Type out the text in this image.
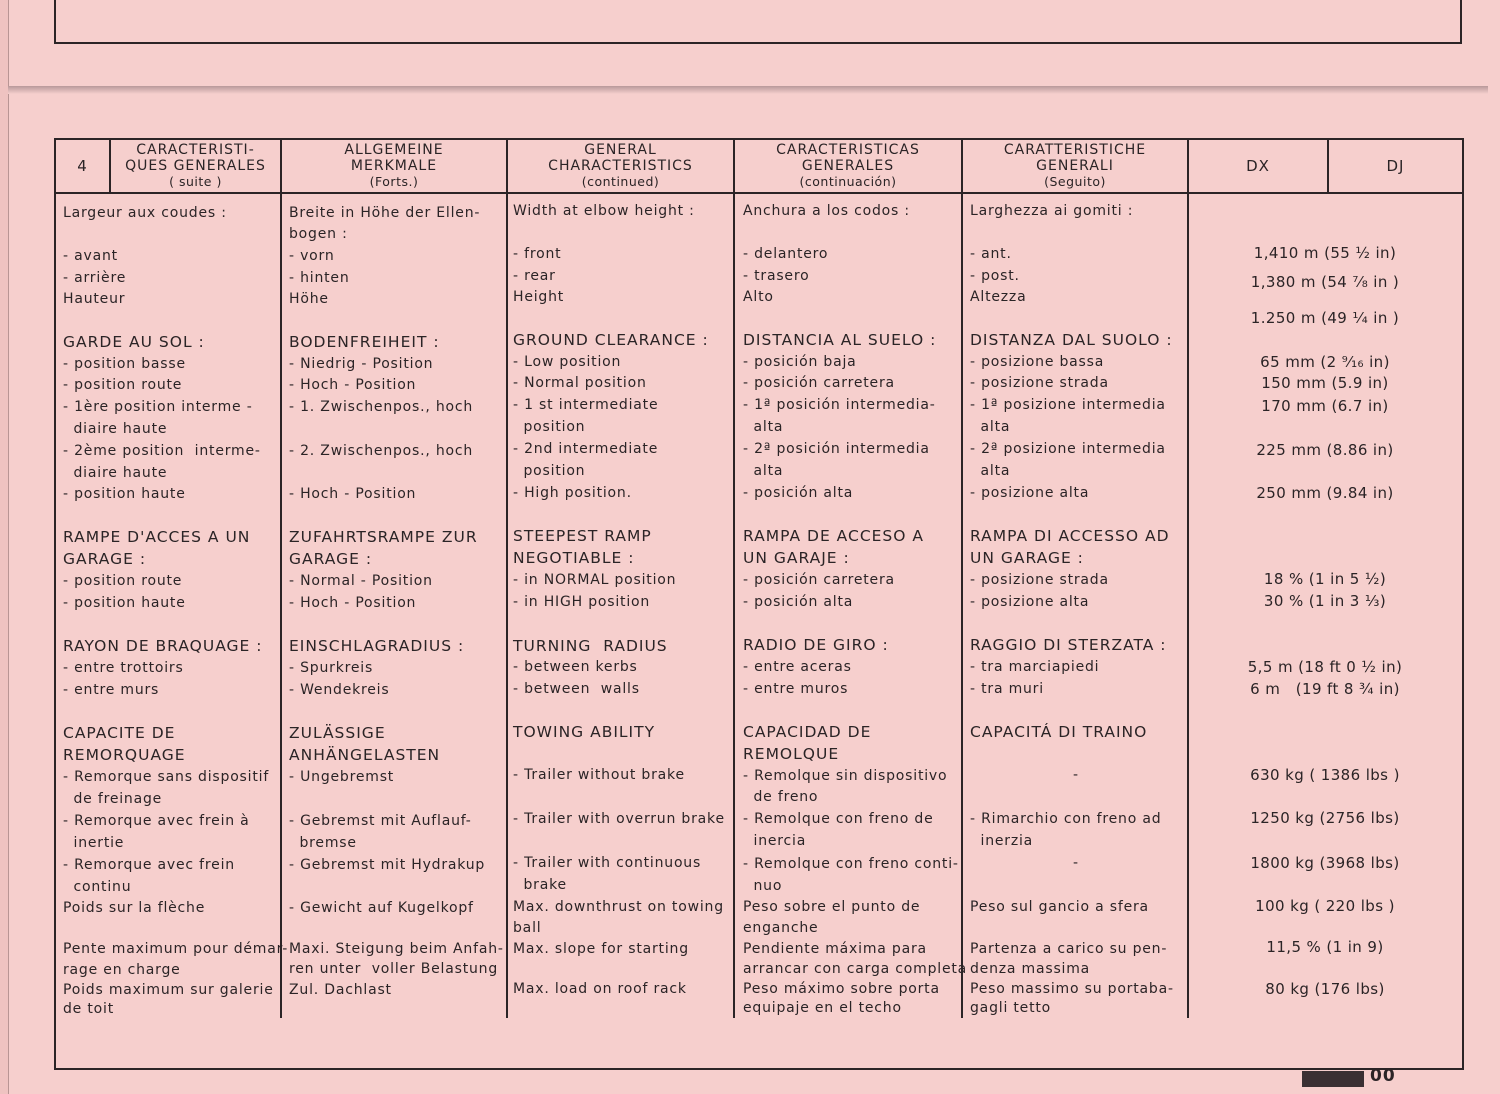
4
CARACTERISTI-
QUES GENERALES
( suite )
ALLGEMEINE
MERKMALE
(Forts.)
GENERAL
CHARACTERISTICS
(continued)
CARACTERISTICAS
GENERALES
(continuación)
CARATTERISTICHE
GENERALI
(Seguito)
DX	DJ
Largeur aux coudes :
- avant
- arrière
Hauteur
GARDE AU SOL :
- position basse
- position route
- 1ère position interme -
diaire haute
- 2ème position  interme-
diaire haute
- position haute
RAMPE D'ACCES A UN
GARAGE :
- position route
- position haute
RAYON DE BRAQUAGE :
- entre trottoirs
- entre murs
CAPACITE DE
REMORQUAGE
- Remorque sans dispositif
de freinage
- Remorque avec frein à
inertie
- Remorque avec frein
continu
Poids sur la flèche
Pente maximum pour démar-
rage en charge
Poids maximum sur galerie
de toit
Breite in Höhe der Ellen-
bogen :
- vorn
- hinten
Höhe
BODENFREIHEIT :
- Niedrig - Position
- Hoch - Position
- 1. Zwischenpos., hoch
- 2. Zwischenpos., hoch
- Hoch - Position
ZUFAHRTSRAMPE ZUR
GARAGE :
- Normal - Position
- Hoch - Position
EINSCHLAGRADIUS :
- Spurkreis
- Wendekreis
ZULÄSSIGE
ANHÄNGELASTEN
- Ungebremst
- Gebremst mit Auflauf-
bremse
- Gebremst mit Hydrakup
- Gewicht auf Kugelkopf
Maxi. Steigung beim Anfah-
ren unter  voller Belastung
Zul. Dachlast
Width at elbow height :
- front
- rear
Height
GROUND CLEARANCE :
- Low position
- Normal position
- 1 st intermediate
position
- 2nd intermediate
position
- High position.
STEEPEST RAMP
NEGOTIABLE :
- in NORMAL position
- in HIGH position
TURNING  RADIUS
- between kerbs
- between  walls
TOWING ABILITY
- Trailer without brake
- Trailer with overrun brake
- Trailer with continuous
brake
Max. downthrust on towing
ball
Max. slope for starting
Max. load on roof rack
Anchura a los codos :
- delantero
- trasero
Alto
DISTANCIA AL SUELO :
- posición baja
- posición carretera
- 1ª posición intermedia-
alta
- 2ª posición intermedia
alta
- posición alta
RAMPA DE ACCESO A
UN GARAJE :
- posición carretera
- posición alta
RADIO DE GIRO :
- entre aceras
- entre muros
CAPACIDAD DE
REMOLQUE
- Remolque sin dispositivo
de freno
- Remolque con freno de
inercia
- Remolque con freno conti-
nuo
Peso sobre el punto de
enganche
Pendiente máxima para
arrancar con carga completa
Peso máximo sobre porta
equipaje en el techo
Larghezza ai gomiti :
- ant.
- post.
Altezza
DISTANZA DAL SUOLO :
- posizione bassa
- posizione strada
- 1ª posizione intermedia
alta
- 2ª posizione intermedia
alta
- posizione alta
RAMPA DI ACCESSO AD
UN GARAGE :
- posizione strada
- posizione alta
RAGGIO DI STERZATA :
- tra marciapiedi
- tra muri
CAPACITÁ DI TRAINO
-
- Rimarchio con freno ad
inerzia
-
Peso sul gancio a sfera
Partenza a carico su pen-
denza massima
Peso massimo su portaba-
gagli tetto
1,410 m (55 ½ in)
1,380 m (54 ⁷⁄₈ in )
1.250 m (49 ¹⁄₄ in )
65 mm (2 ⁹⁄₁₆ in)
150 mm (5.9 in)
170 mm (6.7 in)
225 mm (8.86 in)
250 mm (9.84 in)
18 % (1 in 5 ½)
30 % (1 in 3 ⅓)
5,5 m (18 ft 0 ½ in)
6 m   (19 ft 8 ¾ in)
630 kg ( 1386 lbs )
1250 kg (2756 lbs)
1800 kg (3968 lbs)
100 kg ( 220 lbs )
11,5 % (1 in 9)
80 kg (176 lbs)
00
